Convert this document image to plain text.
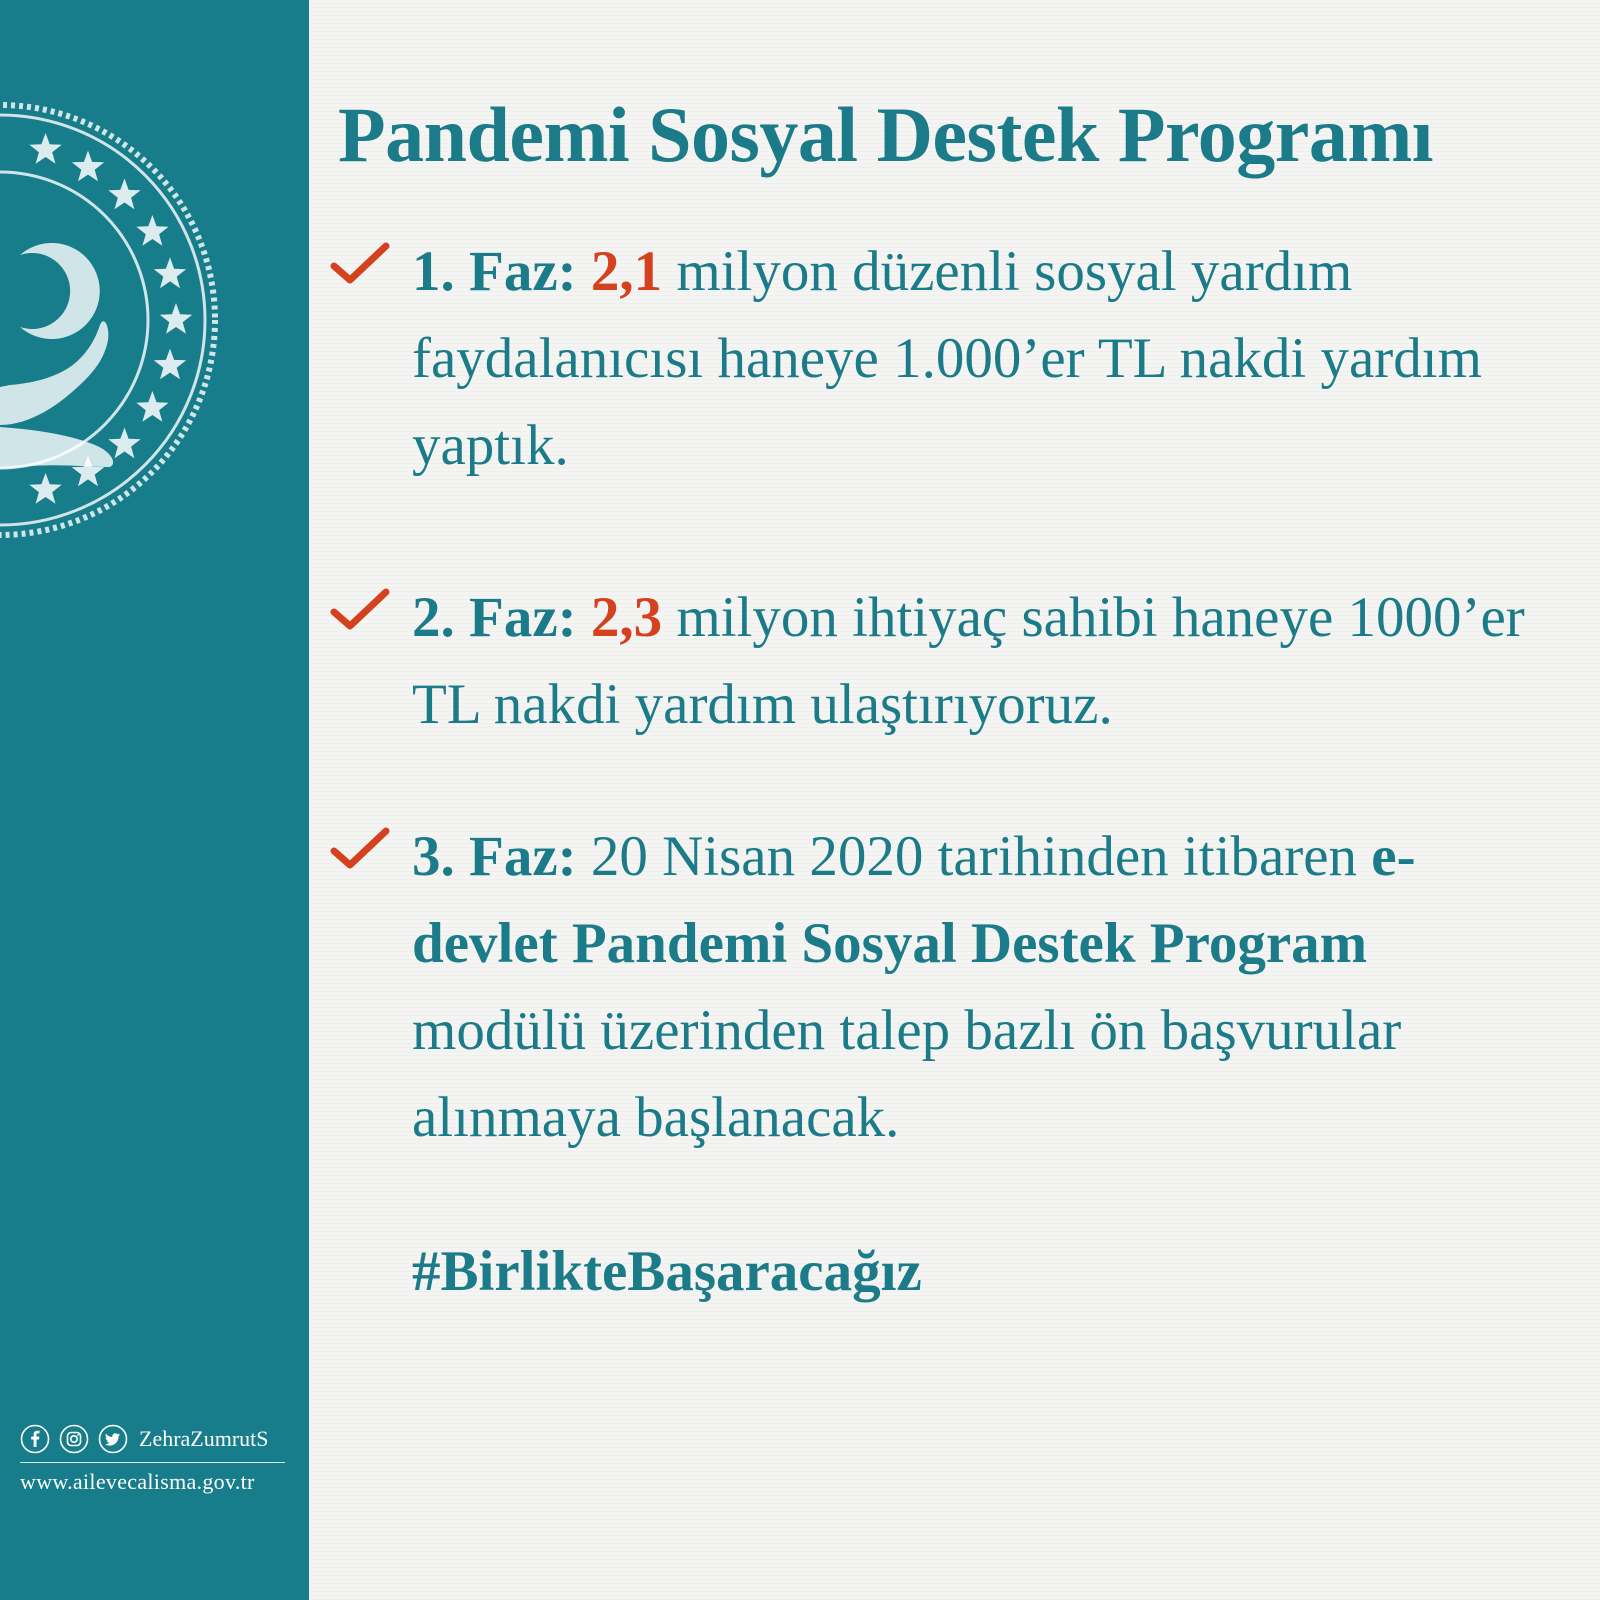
ZehraZumrutS
www.ailevecalisma.gov.tr
Pandemi Sosyal Destek Programı

1. Faz: 2,1 milyon düzenli sosyal yardım faydalanıcısı haneye 1.000’er TL nakdi yardım yaptık.

2. Faz: 2,3 milyon ihtiyaç sahibi haneye 1000’er TL nakdi yardım ulaştırıyoruz.

3. Faz: 20 Nisan 2020 tarihinden itibaren e-devlet Pandemi Sosyal Destek Program modülü üzerinden talep bazlı ön başvurular alınmaya başlanacak.

#BirlikteBaşaracağız
